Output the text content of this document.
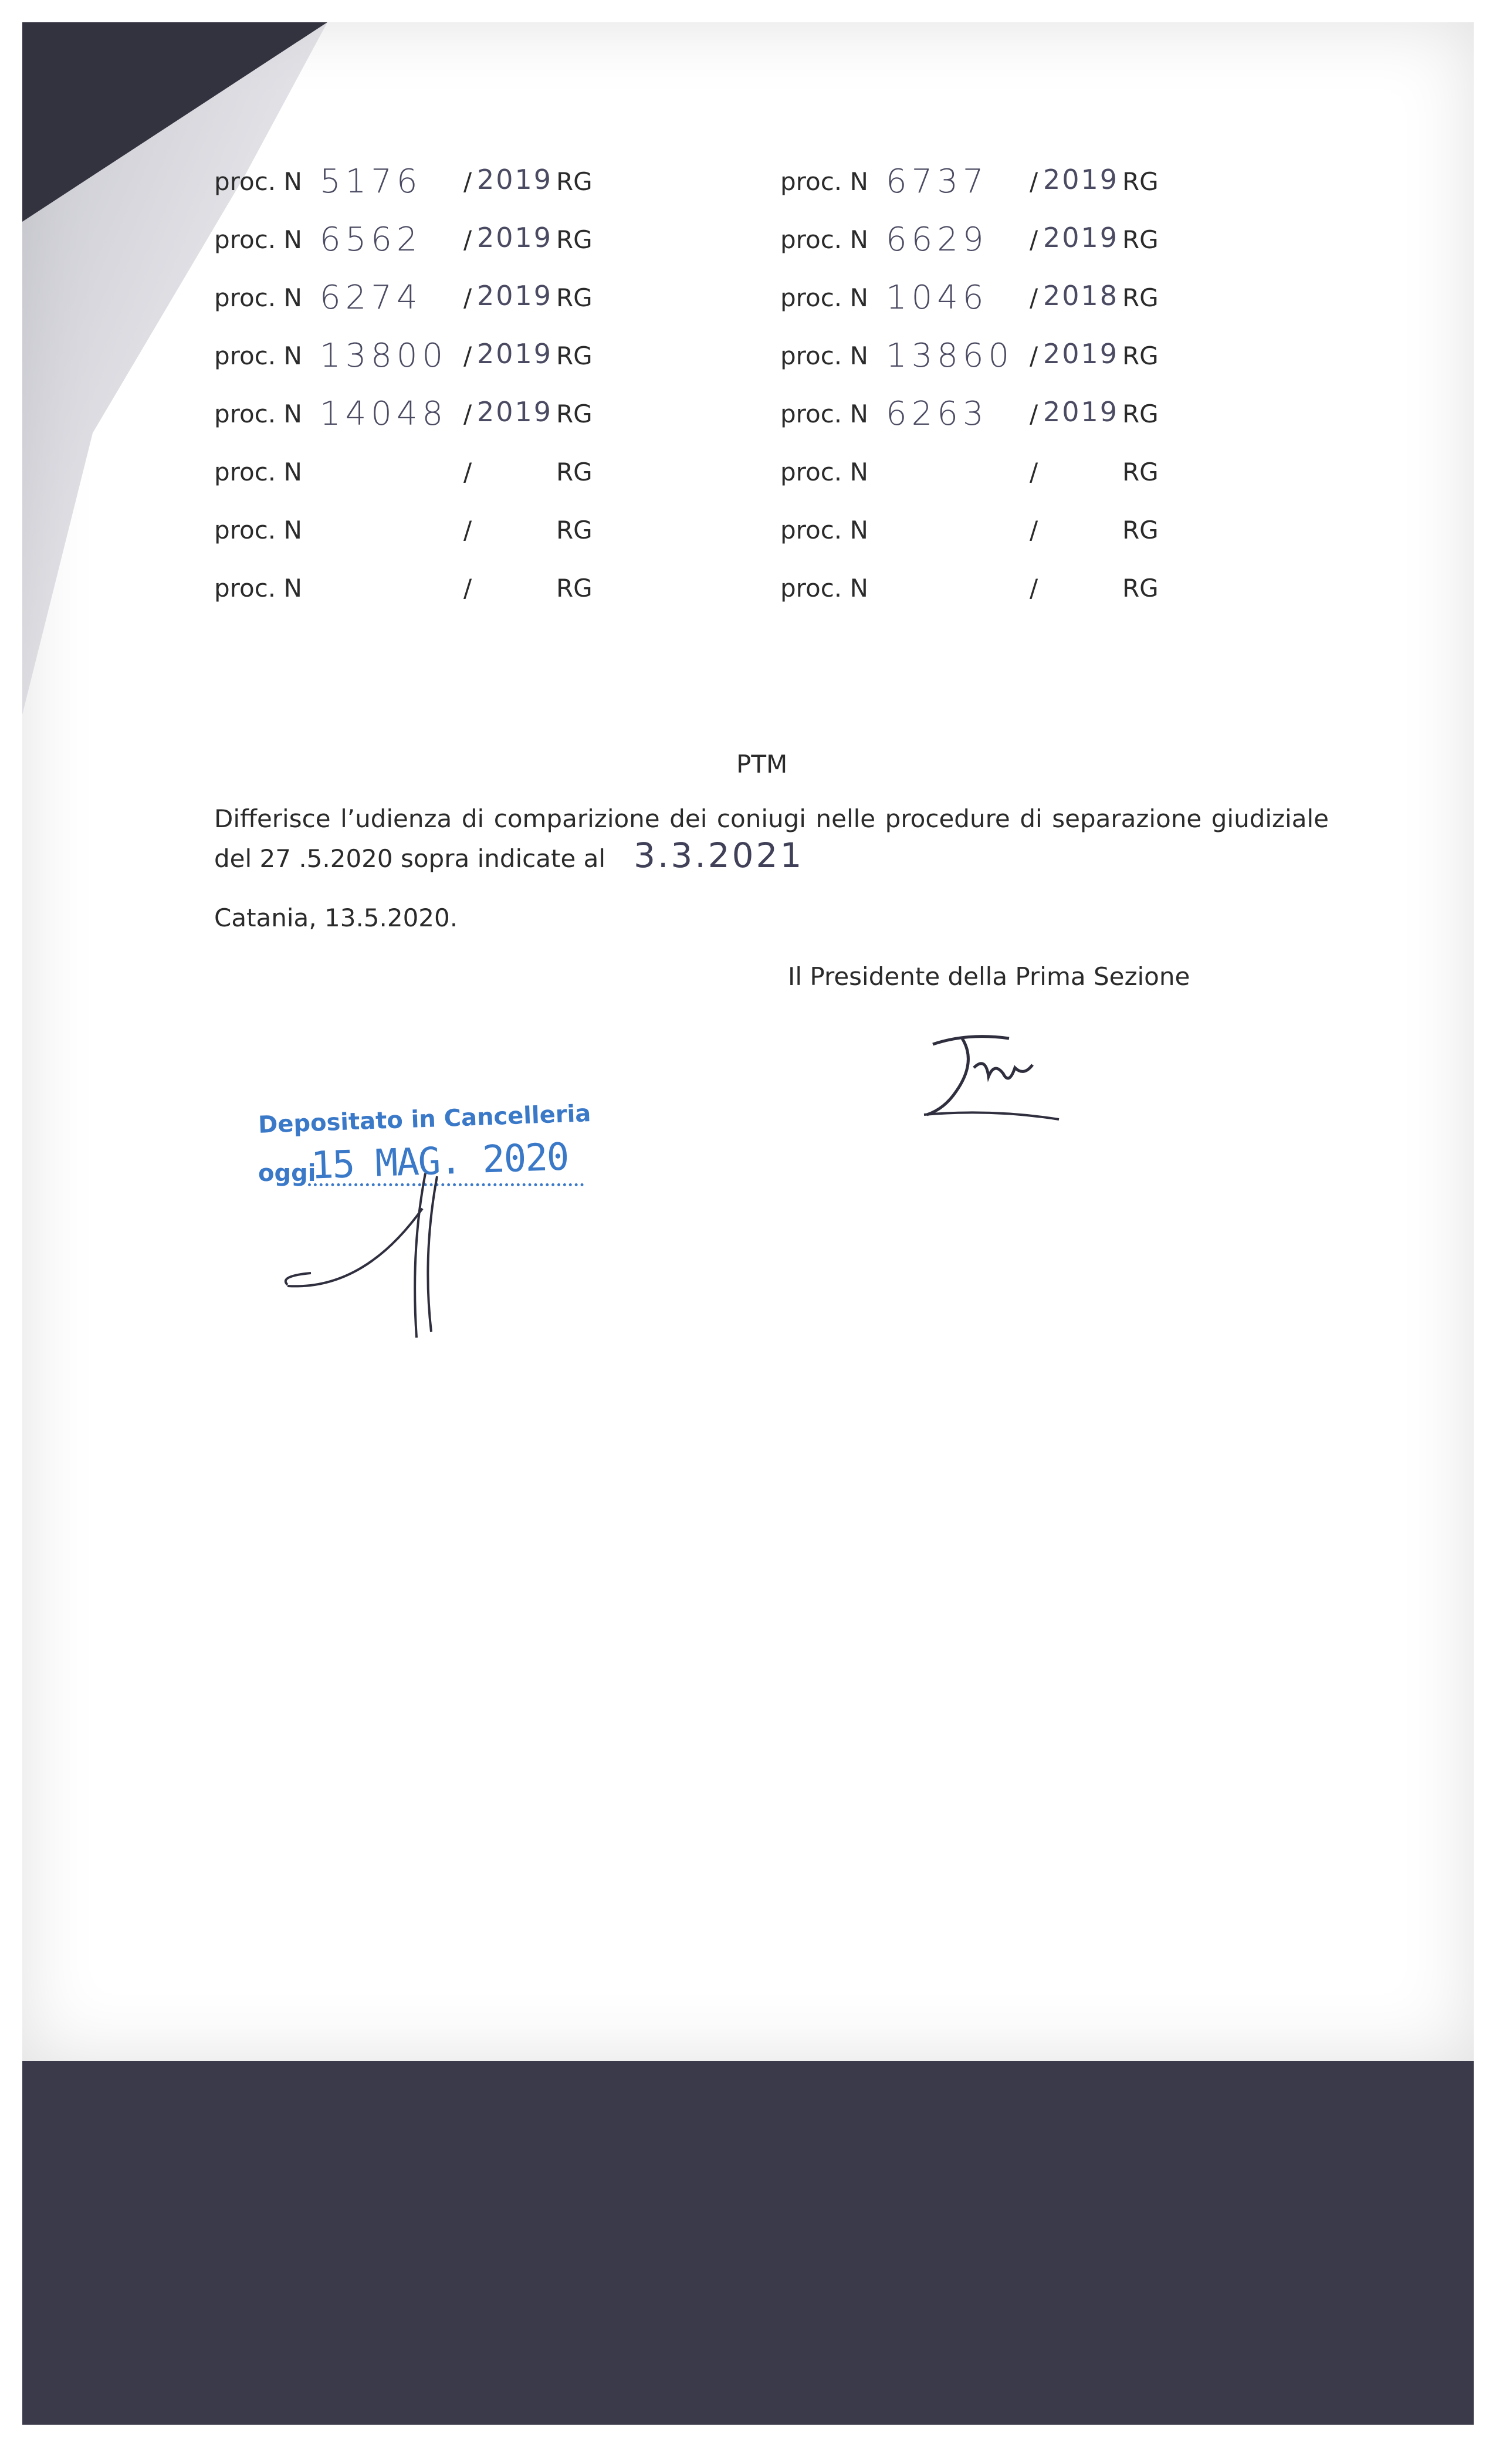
proc. N 5176 / 2019 RG
proc. N 6562 / 2019 RG
proc. N 6274 / 2019 RG
proc. N 13800 / 2019 RG
proc. N 14048 / 2019 RG
proc. N	/	RG
proc. N	/	RG
proc. N	/	RG
proc. N 6737 / 2019 RG
proc. N 6629 / 2019 RG
proc. N 1046 / 2018 RG
proc. N 13860 / 2019 RG
proc. N 6263 / 2019 RG
proc. N	/	RG
proc. N	/	RG
proc. N	/	RG
PTM
Differisce l’udienza di comparizione dei coniugi nelle procedure di separazione giudiziale
del 27 .5.2020 sopra indicate al 3.3.2021
Catania, 13.5.2020.
Il Presidente della Prima Sezione
Depositato in Cancelleria
oggi
15 MAG. 2020
